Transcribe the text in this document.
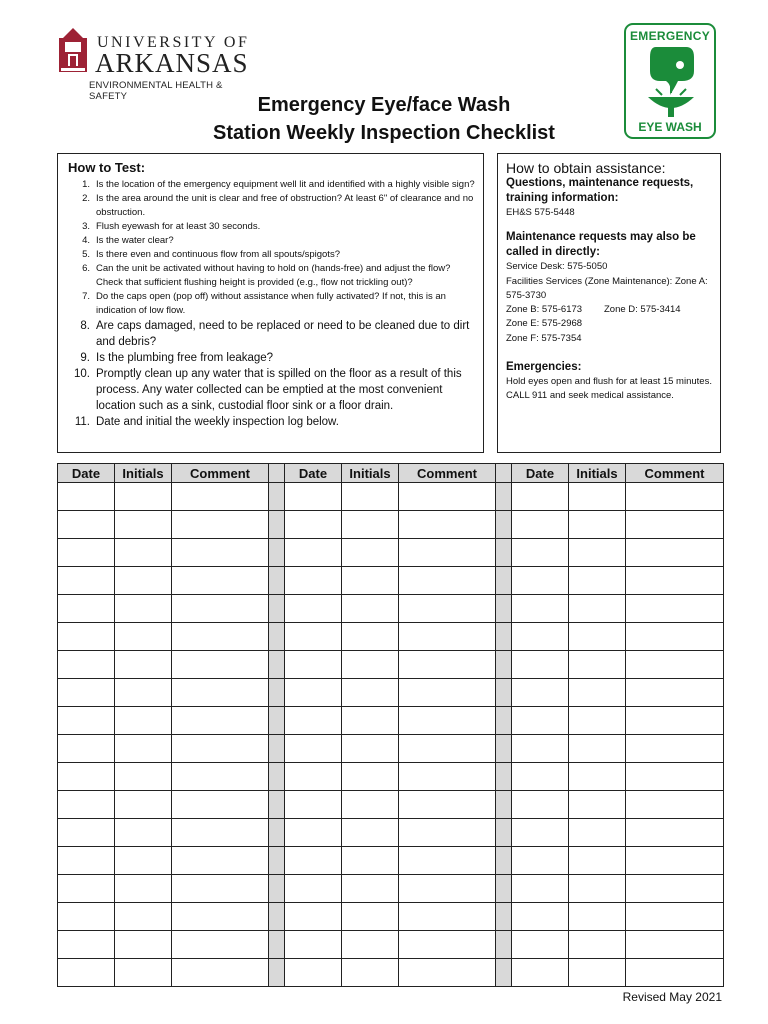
UNIVERSITY OF
ARKANSAS
ENVIRONMENTAL HEALTH & SAFETY	Emergency Eye/face Wash
Station Weekly Inspection Checklist
EMERGENCY
EYE WASH
How to Test:
1. Is the location of the emergency equipment well lit and identified with a highly visible sign?
2. Is the area around the unit is clear and free of obstruction? At least 6" of clearance and no obstruction.
3. Flush eyewash for at least 30 seconds.
4. Is the water clear?
5. Is there even and continuous flow from all spouts/spigots?
6. Can the unit be activated without having to hold on (hands-free) and adjust the flow? Check that sufficient flushing height is provided (e.g., flow not trickling out)?
7. Do the caps open (pop off) without assistance when fully activated? If not, this is an indication of low flow.
8. Are caps damaged, need to be replaced or need to be cleaned due to dirt and debris?
9. Is the plumbing free from leakage?
10. Promptly clean up any water that is spilled on the floor as a result of this process. Any water collected can be emptied at the most convenient location such as a sink, custodial floor sink or a floor drain.
11. Date and initial the weekly inspection log below.
How to obtain assistance:
Questions, maintenance requests, training information:
EH&S 575-5448
Maintenance requests may also be called in directly:
Service Desk: 575-5050
Facilities Services (Zone Maintenance): Zone A: 575-3730
Zone B: 575-6173 Zone D: 575-3414
Zone E: 575-2968
Zone F: 575-7354
Emergencies:
Hold eyes open and flush for at least 15 minutes. CALL 911 and seek medical assistance.
Date	Initials	Comment		Date	Initials	Comment		Date	Initials	Comment

Revised May 2021
